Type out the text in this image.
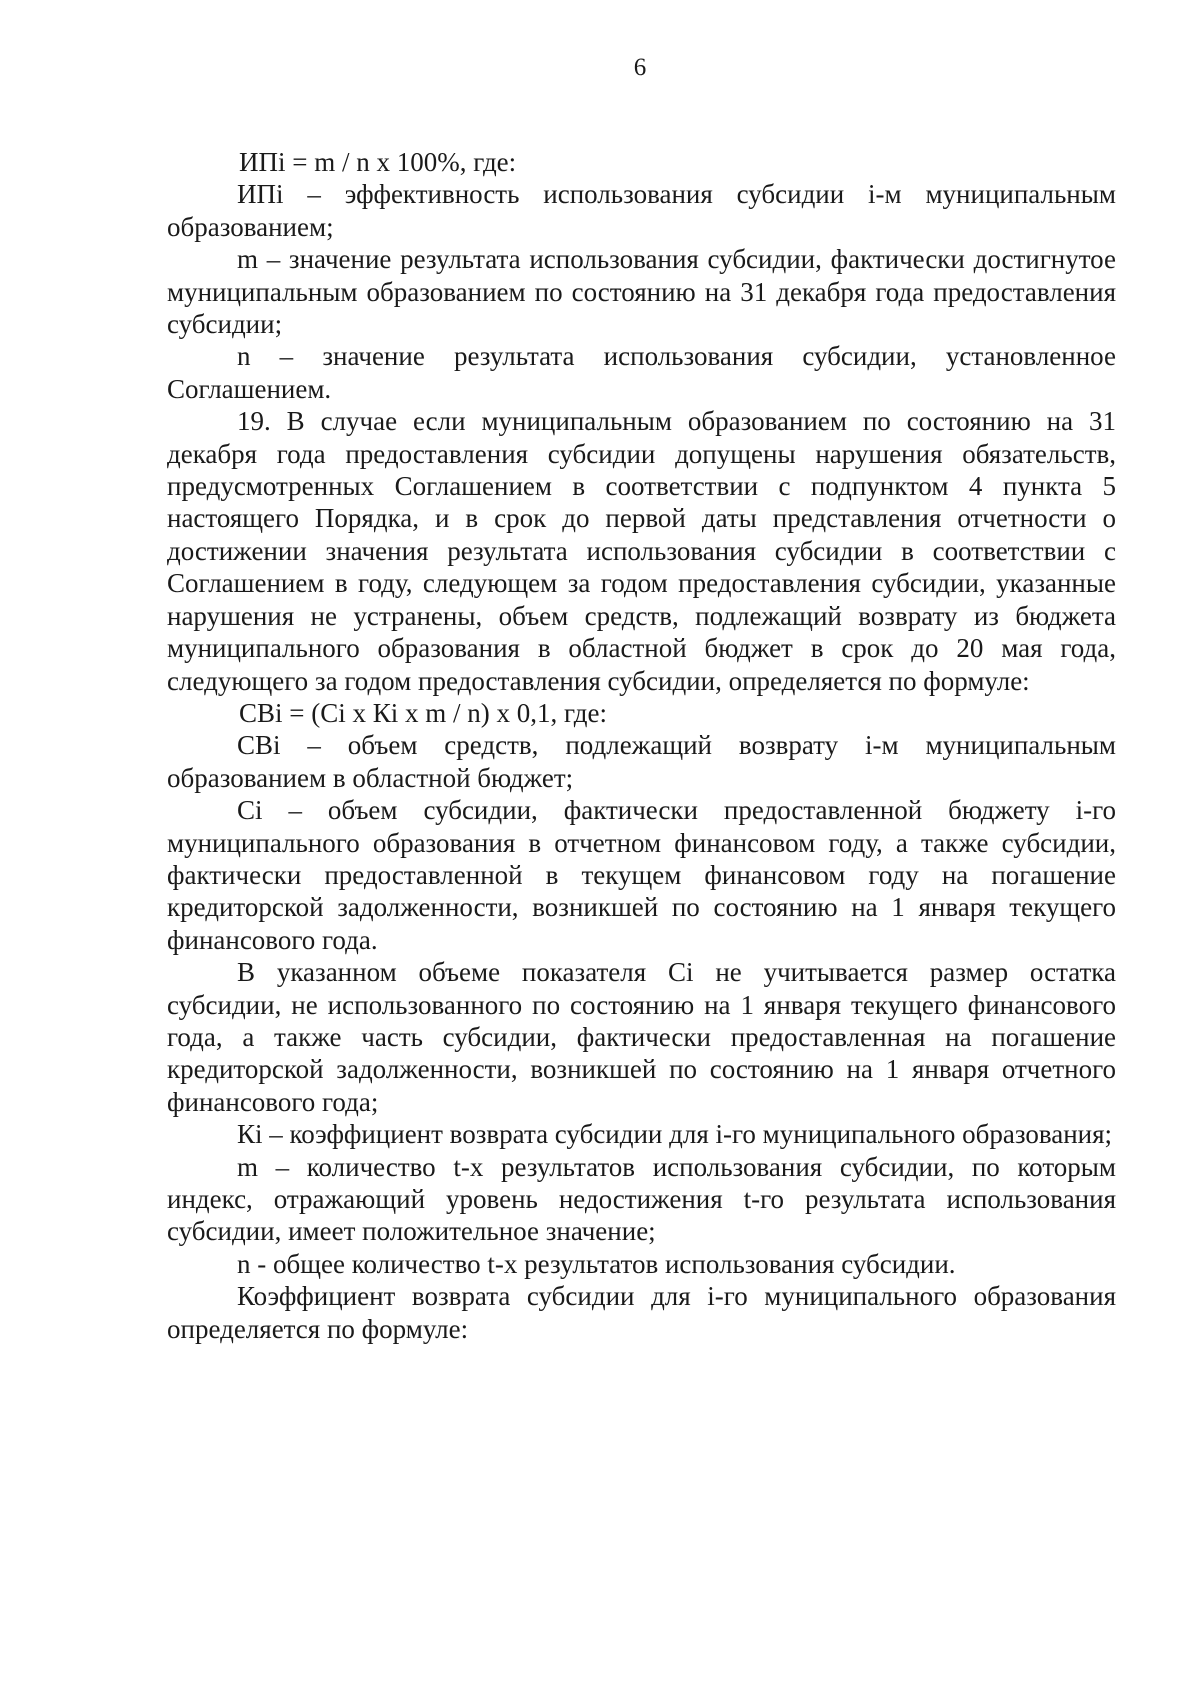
6

ИПi = m / n x 100%, где:

ИПi – эффективность использования субсидии i-м муниципальным образованием;

m – значение результата использования субсидии, фактически достигнутое муниципальным образованием по состоянию на 31 декабря года предоставления субсидии;

n – значение результата использования субсидии, установленное Соглашением.

19. В случае если муниципальным образованием по состоянию на 31 декабря года предоставления субсидии допущены нарушения обязательств, предусмотренных Соглашением в соответствии с подпунктом 4 пункта 5 настоящего Порядка, и в срок до первой даты представления отчетности о достижении значения результата использования субсидии в соответствии с Соглашением в году, следующем за годом предоставления субсидии, указанные нарушения не устранены, объем средств, подлежащий возврату из бюджета муниципального образования в областной бюджет в срок до 20 мая года, следующего за годом предоставления субсидии, определяется по формуле:

СВi = (Сi x Кi x m / n) x 0,1, где:

СВi – объем средств, подлежащий возврату i-м муниципальным образованием в областной бюджет;

Сi – объем субсидии, фактически предоставленной бюджету i-го муниципального образования в отчетном финансовом году, а также субсидии, фактически предоставленной в текущем финансовом году на погашение кредиторской задолженности, возникшей по состоянию на 1 января текущего финансового года.

В указанном объеме показателя Сi не учитывается размер остатка субсидии, не использованного по состоянию на 1 января текущего финансового года, а также часть субсидии, фактически предоставленная на погашение кредиторской задолженности, возникшей по состоянию на 1 января отчетного финансового года;

Кi – коэффициент возврата субсидии для i-го муниципального образования;

m – количество t-х результатов использования субсидии, по которым индекс, отражающий уровень недостижения t-го результата использования субсидии, имеет положительное значение;

n - общее количество t-х результатов использования субсидии.

Коэффициент возврата субсидии для i-го муниципального образования определяется по формуле:
